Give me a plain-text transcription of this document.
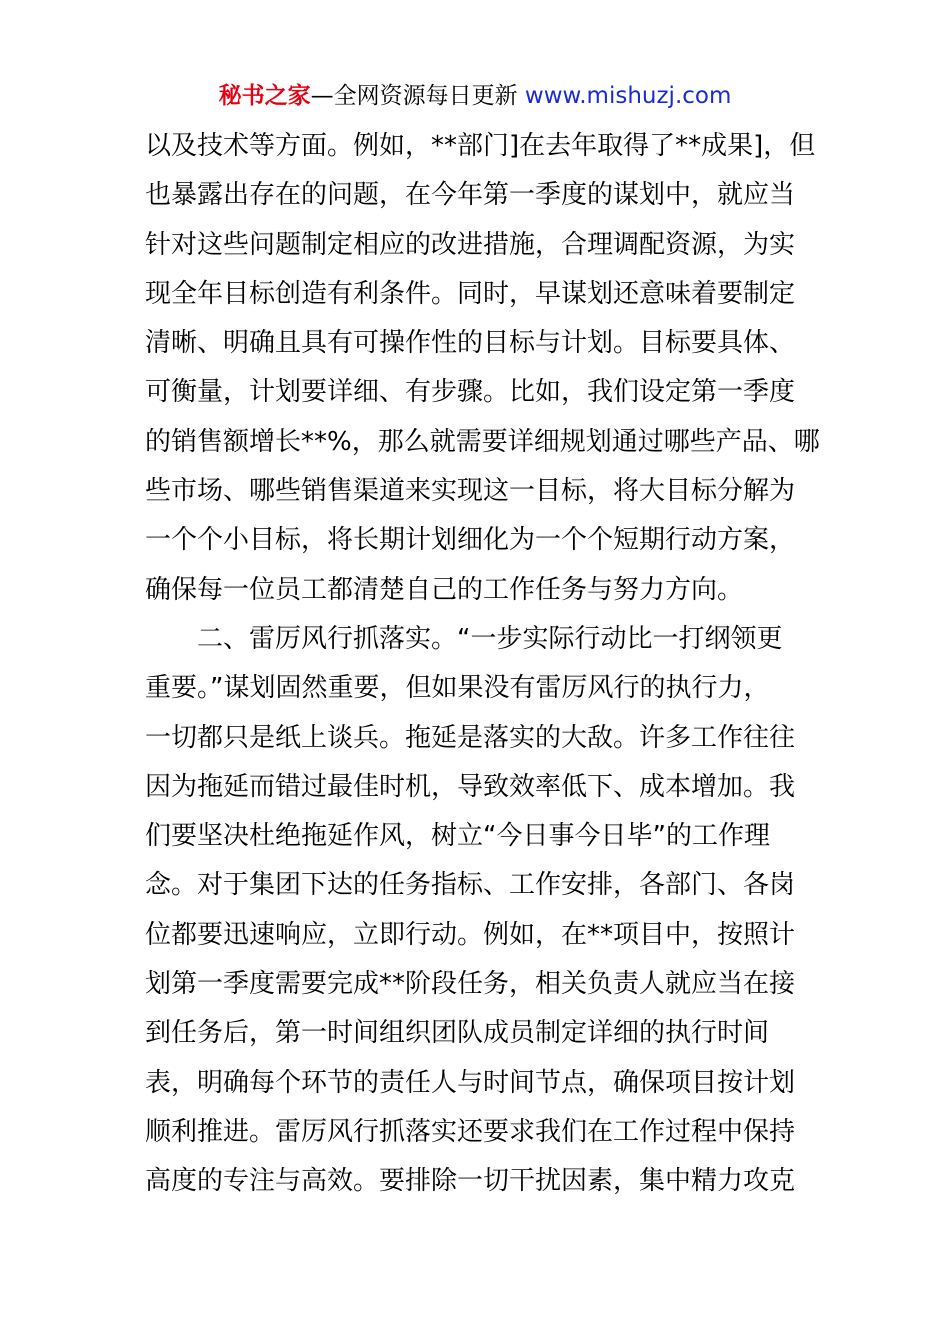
秘书之家—全网资源每日更新 www.mishuzj.com
以及技术等方面。例如，**部门]在去年取得了**成果]，但
也暴露出存在的问题，在今年第一季度的谋划中，就应当
针对这些问题制定相应的改进措施，合理调配资源，为实
现全年目标创造有利条件。同时，早谋划还意味着要制定
清晰、明确且具有可操作性的目标与计划。目标要具体、
可衡量，计划要详细、有步骤。比如，我们设定第一季度
的销售额增长**%，那么就需要详细规划通过哪些产品、哪
些市场、哪些销售渠道来实现这一目标，将大目标分解为
一个个小目标，将长期计划细化为一个个短期行动方案，
确保每一位员工都清楚自己的工作任务与努力方向。
二、雷厉风行抓落实。“一步实际行动比一打纲领更
重要。”谋划固然重要，但如果没有雷厉风行的执行力，
一切都只是纸上谈兵。拖延是落实的大敌。许多工作往往
因为拖延而错过最佳时机，导致效率低下、成本增加。我
们要坚决杜绝拖延作风，树立“今日事今日毕”的工作理
念。对于集团下达的任务指标、工作安排，各部门、各岗
位都要迅速响应，立即行动。例如，在**项目中，按照计
划第一季度需要完成**阶段任务，相关负责人就应当在接
到任务后，第一时间组织团队成员制定详细的执行时间
表，明确每个环节的责任人与时间节点，确保项目按计划
顺利推进。雷厉风行抓落实还要求我们在工作过程中保持
高度的专注与高效。要排除一切干扰因素，集中精力攻克
